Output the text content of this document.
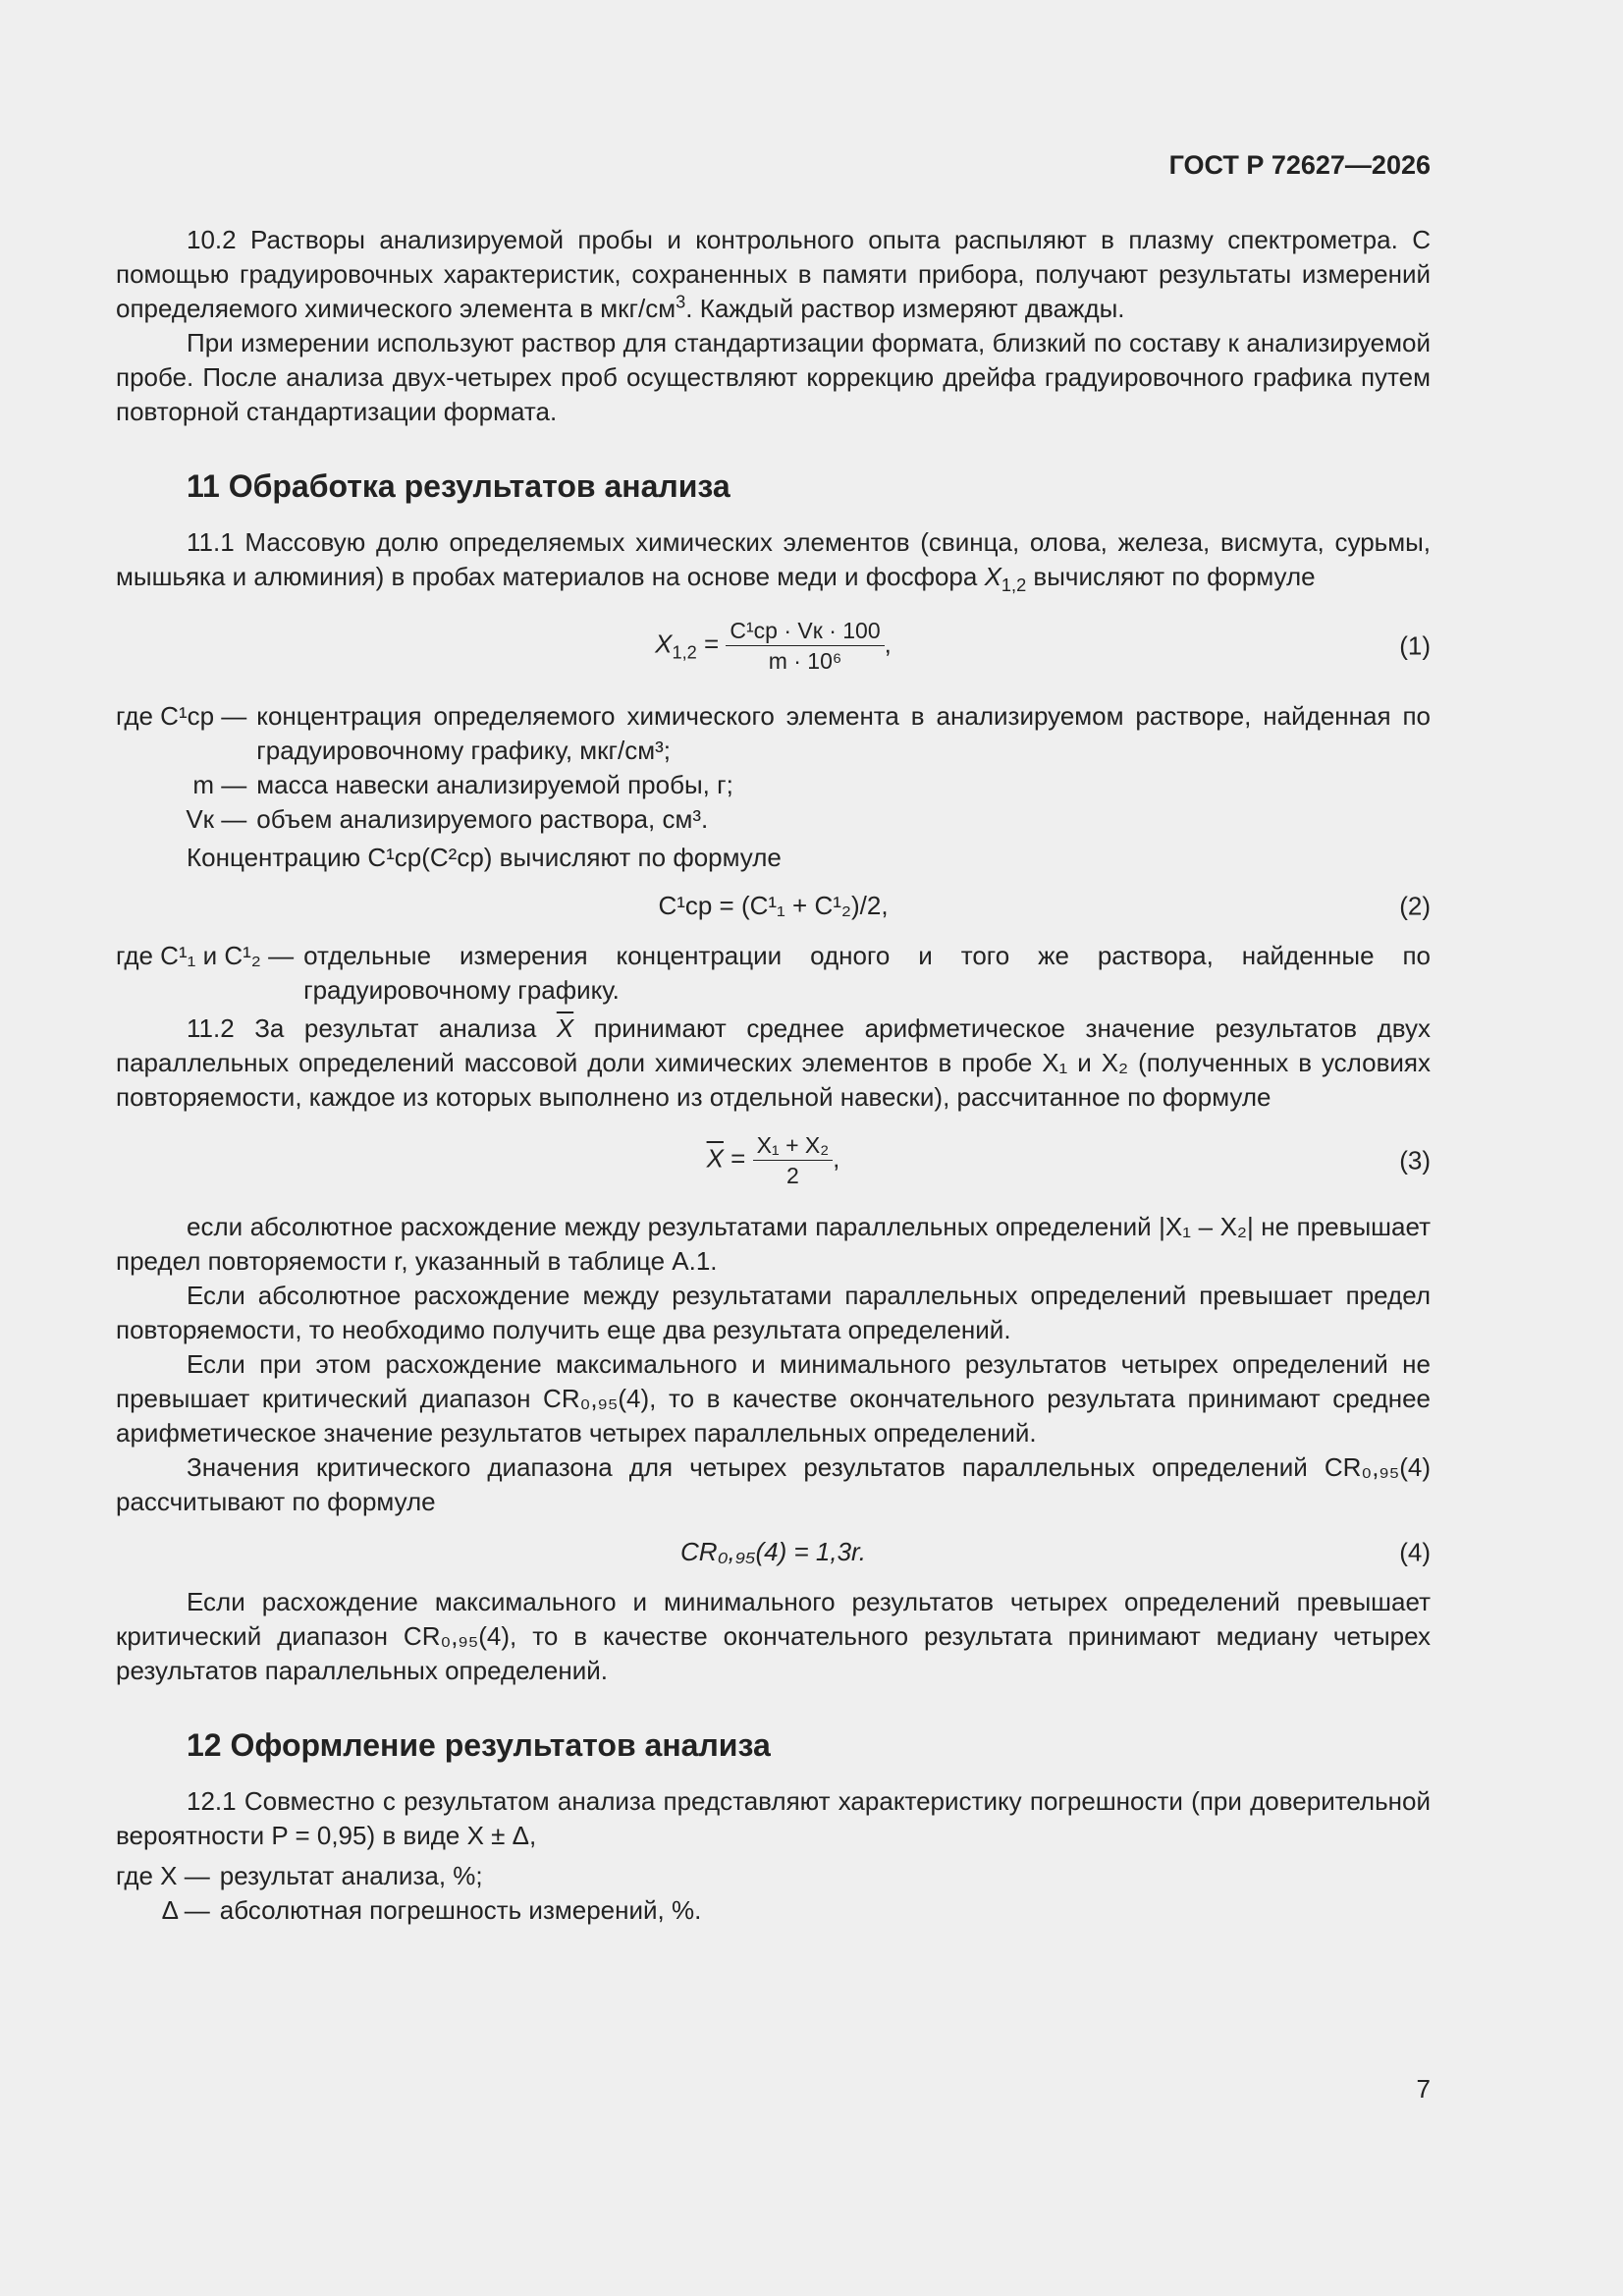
ГОСТ Р 72627—2026

10.2 Растворы анализируемой пробы и контрольного опыта распыляют в плазму спектрометра. С помощью градуировочных характеристик, сохраненных в памяти прибора, получают результаты измерений определяемого химического элемента в мкг/$см^3$. Каждый раствор измеряют дважды.

При измерении используют раствор для стандартизации формата, близкий по составу к анализируемой пробе. После анализа двух-четырех проб осуществляют коррекцию дрейфа градуировочного графика путем повторной стандартизации формата.

11 Обработка результатов анализа

11.1 Массовую долю определяемых химических элементов (свинца, олова, железа, висмута, сурьмы, мышьяка и алюминия) в пробах материалов на основе меди и фосфора $X_{1,2}$ вычисляют по формуле

$X_{1,2} = \frac{\text{C¹ср · Vк · 100}}{\text{m · 10⁶}}$ ,	(1)
где C¹ср — концентрация определяемого химического элемента в анализируемом растворе, найденная по градуировочному графику, мкг/см³;
m — масса навески анализируемой пробы, г;
Vк — объем анализируемого раствора, см³.

Концентрацию C¹ср(C²ср) вычисляют по формуле

C¹ср = (C¹₁ + C¹₂)/2,	(2)
где C¹₁ и C¹₂ — отдельные измерения концентрации одного и того же раствора, найденные по градуировочному графику.

11.2 За результат анализа $\overline{X}$ принимают среднее арифметическое значение результатов двух параллельных определений массовой доли химических элементов в пробе X₁ и X₂ (полученных в условиях повторяемости, каждое из которых выполнено из отдельной навески), рассчитанное по формуле

$\overline{X} = \frac{\text{X₁ + X₂}}{2}$ ,	(3)

если абсолютное расхождение между результатами параллельных определений |X₁ – X₂| не превышает предел повторяемости r, указанный в таблице А.1.

Если абсолютное расхождение между результатами параллельных определений превышает предел повторяемости, то необходимо получить еще два результата определений.

Если при этом расхождение максимального и минимального результатов четырех определений не превышает критический диапазон CR₀,₉₅(4), то в качестве окончательного результата принимают среднее арифметическое значение результатов четырех параллельных определений.

Значения критического диапазона для четырех результатов параллельных определений CR₀,₉₅(4) рассчитывают по формуле

CR₀,₉₅(4) = 1,3r.	(4)

Если расхождение максимального и минимального результатов четырех определений превышает критический диапазон CR₀,₉₅(4), то в качестве окончательного результата принимают медиану четырех результатов параллельных определений.

12 Оформление результатов анализа

12.1 Совместно с результатом анализа представляют характеристику погрешности (при доверительной вероятности P = 0,95) в виде X ± Δ,

где X — результат анализа, %;
Δ — абсолютная погрешность измерений, %.
7
